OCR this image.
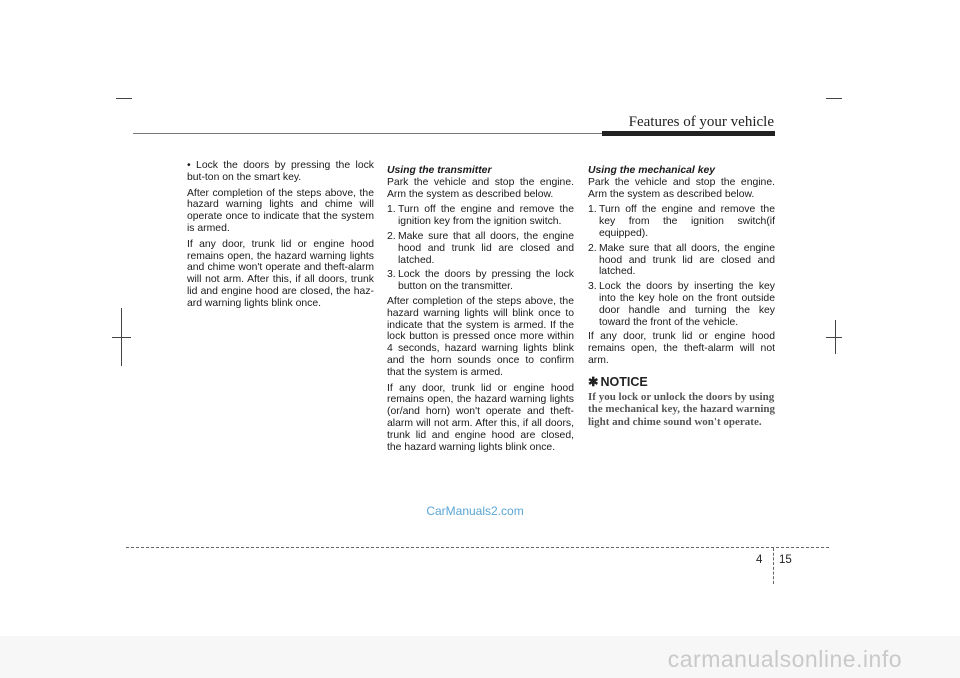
Features of your vehicle

• Lock the doors by pressing the lock but-ton on the smart key.

After completion of the steps above, the hazard warning lights and chime will operate once to indicate that the system is armed.

If any door, trunk lid or engine hood remains open, the hazard warning lights and chime won't operate and theft-alarm will not arm. After this, if all doors, trunk lid and engine hood are closed, the haz-ard warning lights blink once.

Using the transmitter

Park the vehicle and stop the engine. Arm the system as described below.

1. Turn off the engine and remove the ignition key from the ignition switch.
2. Make sure that all doors, the engine hood and trunk lid are closed and latched.
3. Lock the doors by pressing the lock button on the transmitter.

After completion of the steps above, the hazard warning lights will blink once to indicate that the system is armed. If the lock button is pressed once more within 4 seconds, hazard warning lights blink and the horn sounds once to confirm that the system is armed.

If any door, trunk lid or engine hood remains open, the hazard warning lights (or/and horn) won't operate and theft-alarm will not arm. After this, if all doors, trunk lid and engine hood are closed, the hazard warning lights blink once.

Using the mechanical key

Park the vehicle and stop the engine. Arm the system as described below.

1. Turn off the engine and remove the key from the ignition switch(if equipped).
2. Make sure that all doors, the engine hood and trunk lid are closed and latched.
3. Lock the doors by inserting the key into the key hole on the front outside door handle and turning the key toward the front of the vehicle.

If any door, trunk lid or engine hood remains open, the theft-alarm will not arm.

✱ NOTICE
If you lock or unlock the doors by using the mechanical key, the hazard warning light and chime sound won't operate.
CarManuals2.com
4 15
carmanualsonline.info
